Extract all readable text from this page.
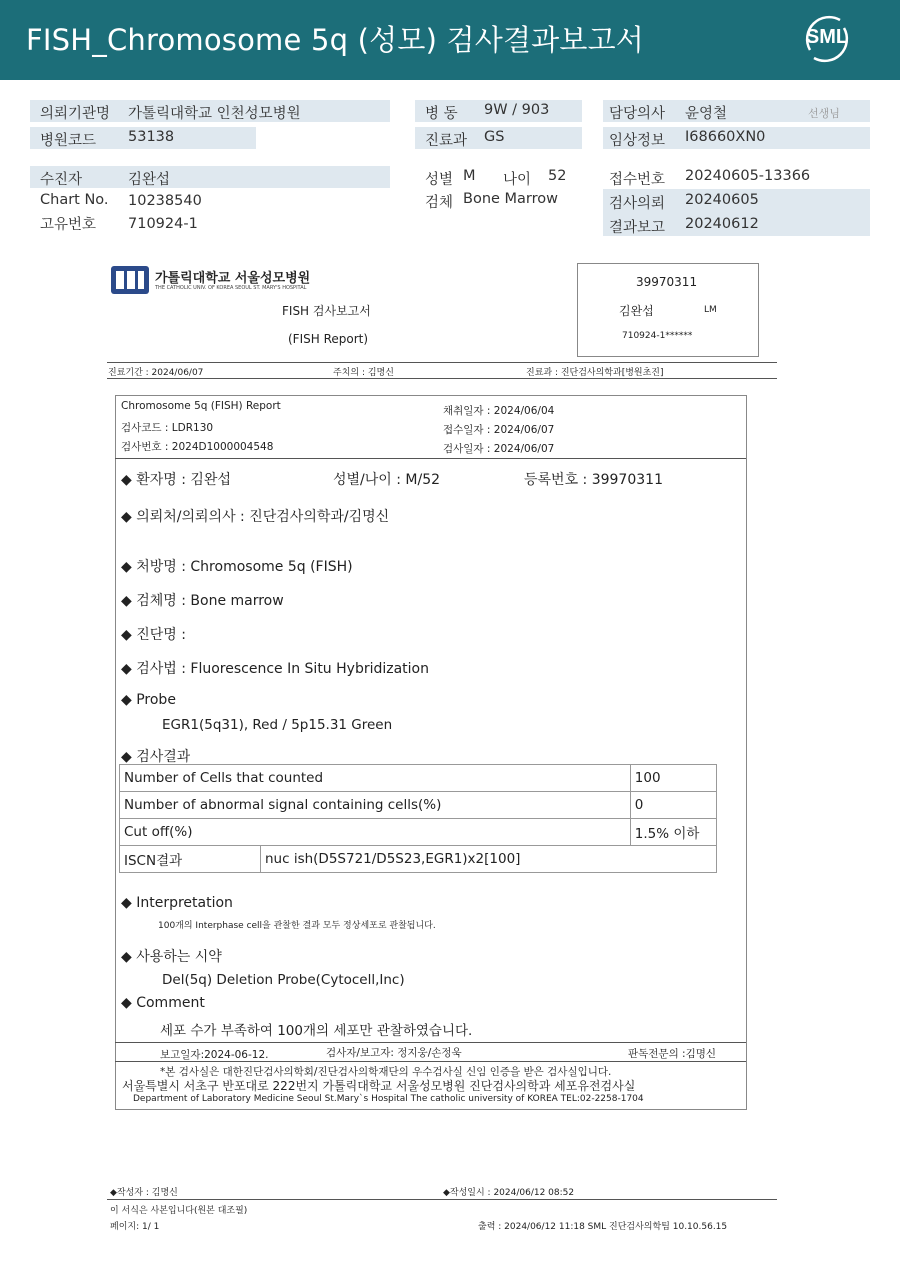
FISH_Chromosome 5q (성모) 검사결과보고서	SML
의뢰기관명 가톨릭대학교 인천성모병원
병원코드 53138
병 동 9W / 903
진료과 GS
담당의사 윤영철	선생님
임상정보 I68660XN0
수진자	김완섭
Chart No. 10238540
고유번호 710924-1
성별 M 나이 52
검체 Bone Marrow
접수번호 20240605-13366
검사의뢰 20240605
결과보고 20240612
가톨릭대학교 서울성모병원
THE CATHOLIC UNIV. OF KOREA SEOUL ST. MARY'S HOSPITAL
FISH 검사보고서
(FISH Report)
39970311
김완섭	LM
710924-1******
진료기간 : 2024/06/07	주치의 : 김명신	진료과 : 진단검사의학과[병원초진]
Chromosome 5q (FISH) Report
검사코드 : LDR130
검사번호 : 2024D1000004548
채취일자 : 2024/06/04
접수일자 : 2024/06/07
검사일자 : 2024/06/07
◆ 환자명 : 김완섭	성별/나이 : M/52	등록번호 : 39970311
◆ 의뢰처/의뢰의사 : 진단검사의학과/김명신
◆ 처방명 : Chromosome 5q (FISH)
◆ 검체명 : Bone marrow
◆ 진단명 :
◆ 검사법 : Fluorescence In Situ Hybridization
◆ Probe
EGR1(5q31), Red / 5p15.31 Green
◆ 검사결과
Number of Cells that counted		100
Number of abnormal signal containing cells(%)		0
Cut off(%)		1.5% 이하
ISCN결과	nuc ish(D5S721/D5S23,EGR1)x2[100]	
◆ Interpretation
100개의 Interphase cell을 관찰한 결과 모두 정상세포로 관찰됩니다.
◆ 사용하는 시약
Del(5q) Deletion Probe(Cytocell,Inc)
◆ Comment
세포 수가 부족하여 100개의 세포만 관찰하였습니다.
보고일자:2024-06-12.	검사자/보고자: 정지웅/손정욱	판독전문의 :김명신
*본 검사실은 대한진단검사의학회/진단검사의학재단의 우수검사실 신임 인증을 받은 검사실입니다.
서울특별시 서초구 반포대로 222번지 가톨릭대학교 서울성모병원 진단검사의학과 세포유전검사실
Department of Laboratory Medicine Seoul St.Mary`s Hospital The catholic university of KOREA TEL:02-2258-1704
◆작성자 : 김명신	◆작성일시 : 2024/06/12 08:52
이 서식은 사본입니다(원본 대조필)
페이지: 1/ 1	출력 : 2024/06/12 11:18 SML 진단검사의학팀 10.10.56.15
